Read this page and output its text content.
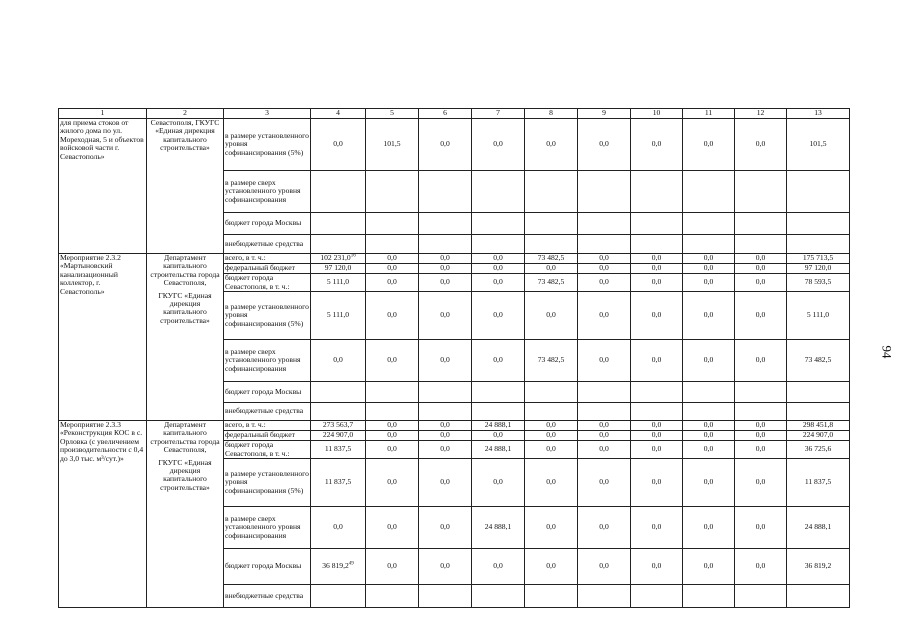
1	2	3	4	5	6	7	8	9	10	11	12	13
для приема стоков от жилого дома по ул. Мореходная, 5 и объектов войсковой части г. Севастополь»	Севастополя, ГКУГС «Единая дирекция капитального строительства»	в размере установленного уровня софинансирования (5%)	0,0	101,5	0,0	0,0	0,0	0,0	0,0	0,0	0,0	101,5
		в размере сверх установленного уровня софинансирования										
		бюджет города Москвы										
		внебюджетные средства										
Мероприятие 2.3.2 «Мартыновский канализационный коллектор, г. Севастополь»	Департамент капитального строительства города Севастополя,	всего, в т. ч.:	102 231,0$^{16}$	0,0	0,0	0,0	73 482,5	0,0	0,0	0,0	0,0	175 713,5
		федеральный бюджет	97 120,0	0,0	0,0	0,0	0,0	0,0	0,0	0,0	0,0	97 120,0
		бюджет города Севастополя, в т. ч.:	5 111,0	0,0	0,0	0,0	73 482,5	0,0	0,0	0,0	0,0	78 593,5
	ГКУГС «Единая дирекция капитального строительства»	в размере установленного уровня софинансирования (5%)	5 111,0	0,0	0,0	0,0	0,0	0,0	0,0	0,0	0,0	5 111,0
		в размере сверх установленного уровня софинансирования	0,0	0,0	0,0	0,0	73 482,5	0,0	0,0	0,0	0,0	73 482,5
		бюджет города Москвы										
		внебюджетные средства										
Мероприятие 2.3.3 «Реконструкция КОС в с. Орловка (с увеличением производительности с 0,4 до 3,0 тыс. м³/сут.)»	Департамент капитального строительства города Севастополя,	всего, в т. ч.:	273 563,7	0,0	0,0	24 888,1	0,0	0,0	0,0	0,0	0,0	298 451,8
		федеральный бюджет	224 907,0	0,0	0,0	0,0	0,0	0,0	0,0	0,0	0,0	224 907,0
		бюджет города Севастополя, в т. ч.:	11 837,5	0,0	0,0	24 888,1	0,0	0,0	0,0	0,0	0,0	36 725,6
	ГКУГС «Единая дирекция капитального строительства»	в размере установленного уровня софинансирования (5%)	11 837,5	0,0	0,0	0,0	0,0	0,0	0,0	0,0	0,0	11 837,5
		в размере сверх установленного уровня софинансирования	0,0	0,0	0,0	24 888,1	0,0	0,0	0,0	0,0	0,0	24 888,1
		бюджет города Москвы	36 819,2$^{49}$	0,0	0,0	0,0	0,0	0,0	0,0	0,0	0,0	36 819,2
		внебюджетные средства										
94
